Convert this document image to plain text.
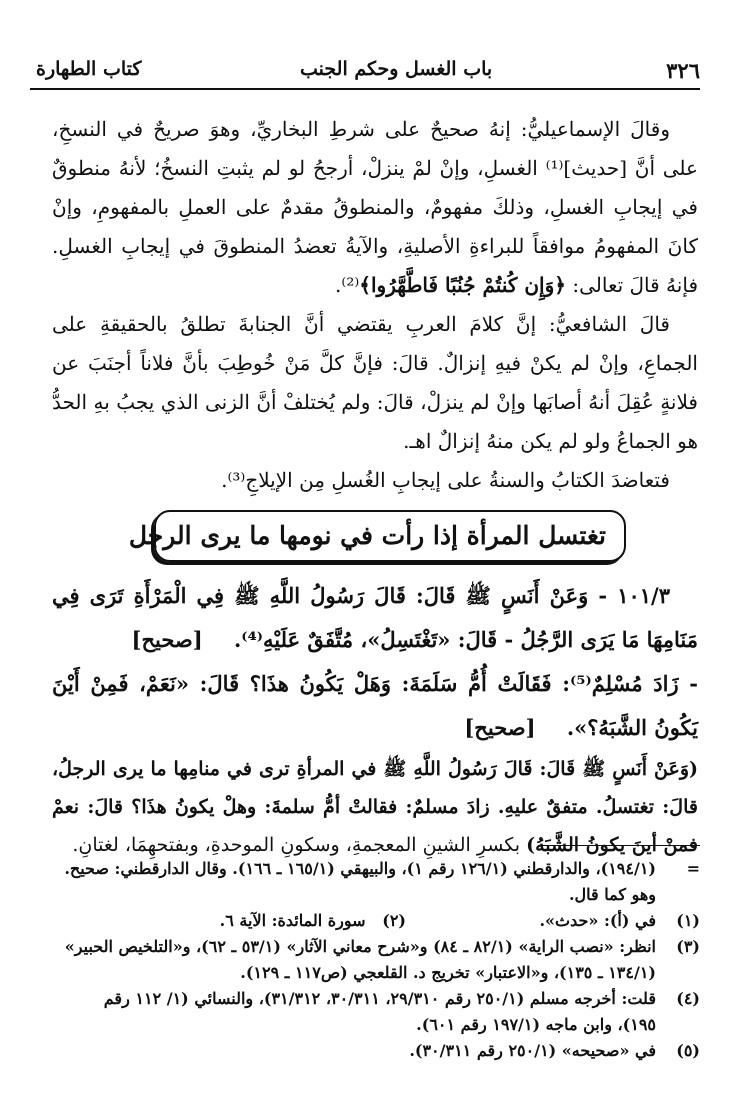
٣٢٦
باب الغسل وحكم الجنب
كتاب الطهارة

وقالَ الإسماعيليُّ: إنهُ صحيحٌ على شرطِ البخاريِّ، وهوَ صريحٌ في النسخِ، على أنَّ [حديث]⁽¹⁾ الغسلِ، وإنْ لمْ ينزلْ، أرجحُ لو لم يثبتِ النسخُ؛ لأنهُ منطوقٌ في إيجابِ الغسلِ، وذلكَ مفهومٌ، والمنطوقُ مقدمٌ على العملِ بالمفهومِ، وإنْ كانَ المفهومُ موافقاً للبراءةِ الأصليةِ، والآيةُ تعضدُ المنطوقَ في إيجابِ الغسلِ. فإنهُ قالَ تعالى: ﴿وَإِن كُنتُمْ جُنُبًا فَاطَّهَّرُوا﴾⁽²⁾.

قالَ الشافعيُّ: إنَّ كلامَ العربِ يقتضي أنَّ الجنابةَ تطلقُ بالحقيقةِ على الجماعِ، وإنْ لم يكنْ فيهِ إنزالٌ. قالَ: فإنَّ كلَّ مَنْ خُوطِبَ بأنَّ فلاناً أجنَبَ عن فلانةٍ عُقِلَ أنهُ أصابَها وإنْ لم ينزلْ، قالَ: ولم يُختلفْ أنَّ الزنى الذي يجبُ بهِ الحدُّ هو الجماعُ ولو لم يكن منهُ إنزالٌ اهـ.

فتعاضدَ الكتابُ والسنةُ على إيجابِ الغُسلِ مِن الإيلاجِ⁽³⁾.

تغتسل المرأة إذا رأت في نومها ما يرى الرجل

١٠١/٣ - وَعَنْ أَنَسٍ ﷺ قَالَ: قَالَ رَسُولُ اللَّهِ ﷺ فِي الْمَرْأَةِ تَرَى فِي مَنَامِهَا مَا يَرَى الرَّجُلُ - قَالَ: «تَغْتَسِلُ»، مُتَّفَقٌ عَلَيْهِ⁽⁴⁾. [صحيح]

- زَادَ مُسْلِمٌ⁽⁵⁾: فَقَالَتْ أُمُّ سَلَمَةَ: وَهَلْ يَكُونُ هذَا؟ قَالَ: «نَعَمْ، فَمِنْ أَيْنَ يَكُونُ الشَّبَهُ؟». [صحيح]

(وَعَنْ أَنَسٍ ﷺ قَالَ: قَالَ رَسُولُ اللَّهِ ﷺ في المرأةِ ترى في منامِها ما يرى الرجلُ، قالَ: تغتسلُ. متفقٌ عليهِ. زادَ مسلمٌ: فقالتْ أمُّ سلمةَ: وهلْ يكونُ هذَا؟ قالَ: نعمْ فمنْ أينَ يكونُ الشَّبَهُ) بكسرِ الشينِ المعجمةِ، وسكونِ الموحدةِ، وبفتحهِمَا، لغتانِ.

=
(١٩٤/١)، والدارقطني (١٢٦/١ رقم ١)، والبيهقي (١٦٥/١ ـ ١٦٦). وقال الدارقطني: صحيح. وهو كما قال.
(١)
في (أ): «حدث».
(٢)

سورة المائدة: الآية ٦.
(٣)
انظر: «نصب الراية» (٨٢/١ ـ ٨٤) و«شرح معاني الآثار» (٥٣/١ ـ ٦٢)، و«التلخيص الحبير» (١٣٤/١ ـ ١٣٥)، و«الاعتبار» تخريج د. القلعجي (ص١١٧ ـ ١٢٩).
(٤)
قلت: أخرجه مسلم (٢٥٠/١ رقم ٢٩/٣١٠، ٣٠/٣١١، ٣١/٣١٢)، والنسائي (١/ ١١٢ رقم ١٩٥)، وابن ماجه (١٩٧/١ رقم ٦٠١).
(٥)
في «صحيحه» (٢٥٠/١ رقم ٣٠/٣١١).
